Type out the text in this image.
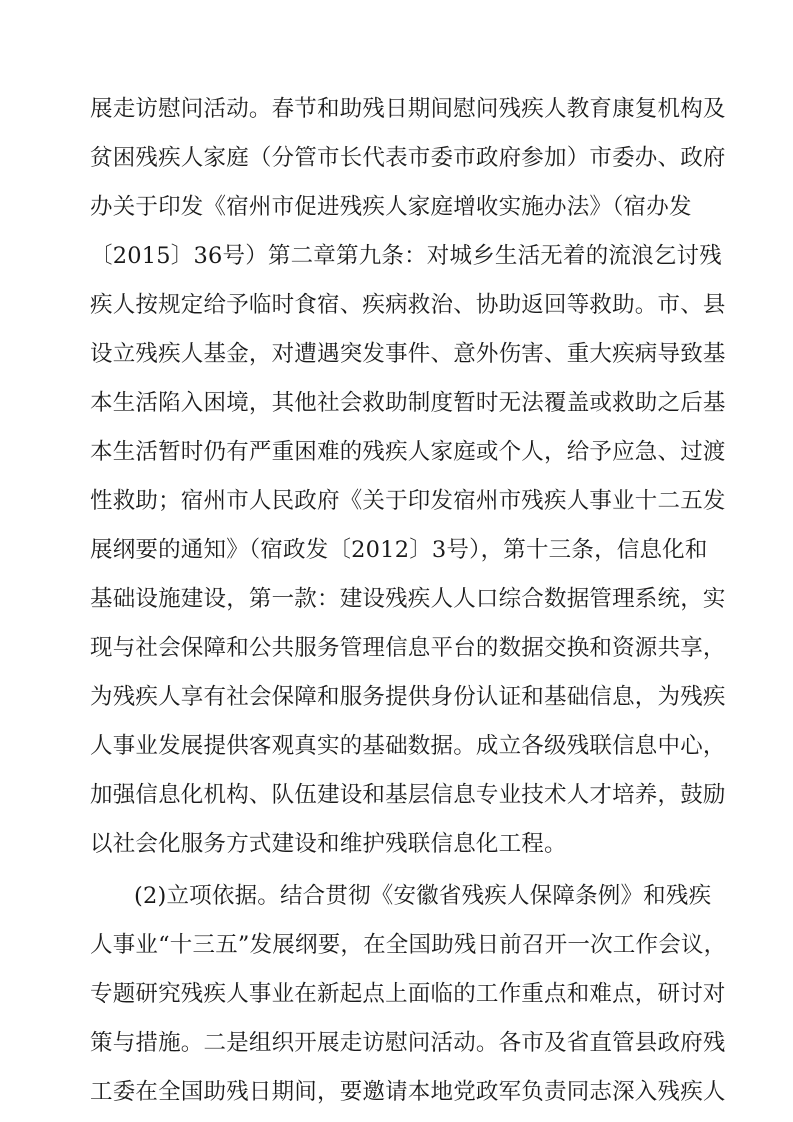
展走访慰问活动。春节和助残日期间慰问残疾人教育康复机构及
贫困残疾人家庭（分管市长代表市委市政府参加）市委办、政府
办关于印发《宿州市促进残疾人家庭增收实施办法》（宿办发
〔2015〕36号）第二章第九条：对城乡生活无着的流浪乞讨残
疾人按规定给予临时食宿、疾病救治、协助返回等救助。市、县
设立残疾人基金，对遭遇突发事件、意外伤害、重大疾病导致基
本生活陷入困境，其他社会救助制度暂时无法覆盖或救助之后基
本生活暂时仍有严重困难的残疾人家庭或个人，给予应急、过渡
性救助；宿州市人民政府《关于印发宿州市残疾人事业十二五发
展纲要的通知》（宿政发〔2012〕3号），第十三条，信息化和
基础设施建设，第一款：建设残疾人人口综合数据管理系统，实
现与社会保障和公共服务管理信息平台的数据交换和资源共享，
为残疾人享有社会保障和服务提供身份认证和基础信息，为残疾
人事业发展提供客观真实的基础数据。成立各级残联信息中心，
加强信息化机构、队伍建设和基层信息专业技术人才培养，鼓励
以社会化服务方式建设和维护残联信息化工程。
(2)立项依据。结合贯彻《安徽省残疾人保障条例》和残疾
人事业“十三五”发展纲要，在全国助残日前召开一次工作会议，
专题研究残疾人事业在新起点上面临的工作重点和难点，研讨对
策与措施。二是组织开展走访慰问活动。各市及省直管县政府残
工委在全国助残日期间，要邀请本地党政军负责同志深入残疾人
